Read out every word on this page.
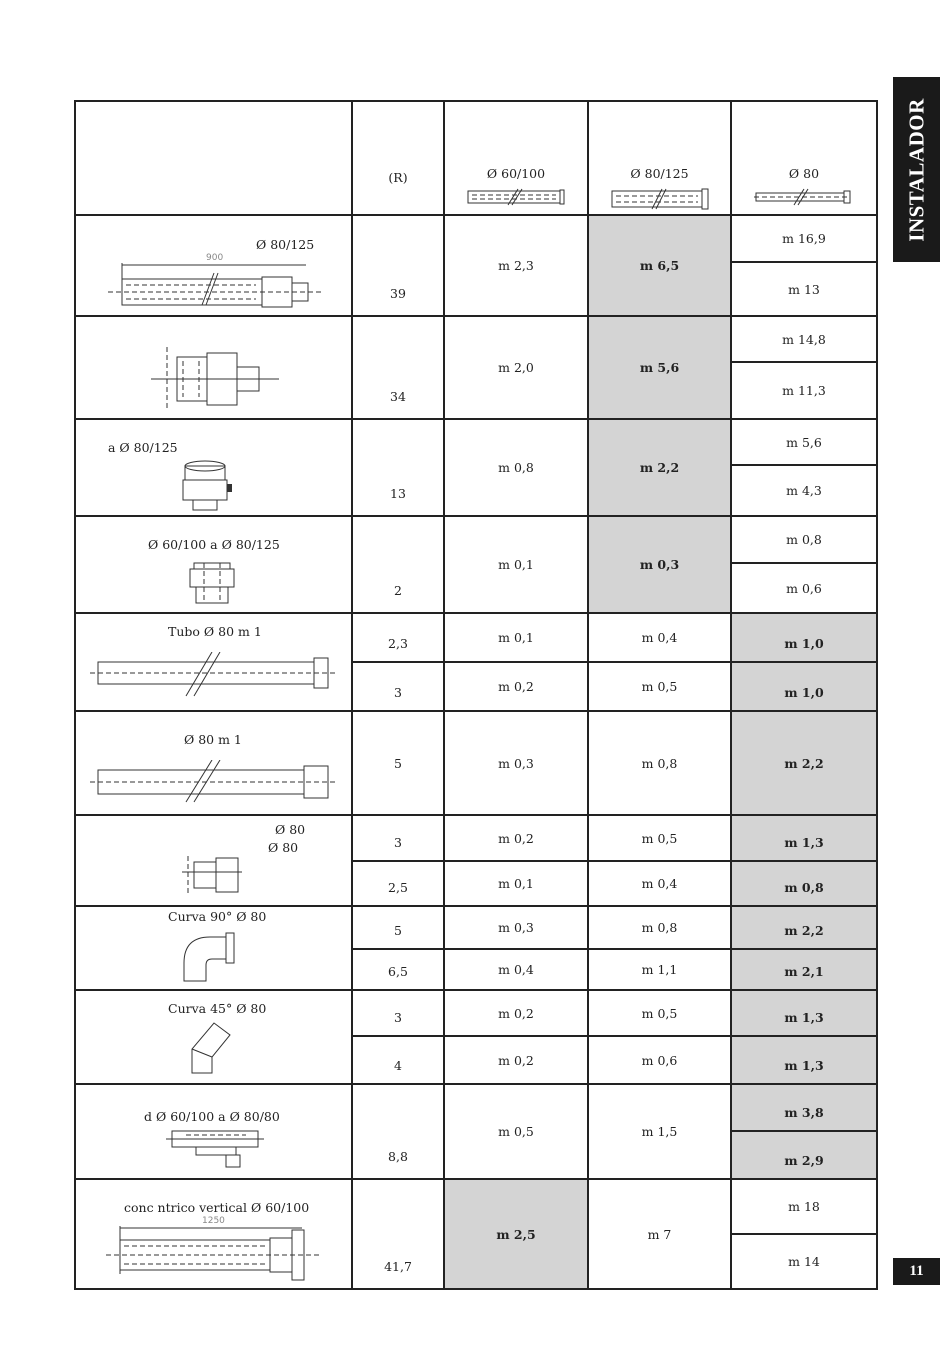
INSTALADOR
11

	(R)	Ø 60/100	Ø 80/125	Ø 80

Ø 80/125
900	39	m 2,3	m 6,5	m 16,9
				m 13

34	m 2,0	m 5,6	m 14,8
				m 11,3

a Ø 80/125	13	m 0,8	m 2,2	m 5,6
				m 4,3

Ø 60/100 a Ø 80/125	2	m 0,1	m 0,3	m 0,8
				m 0,6

Tubo Ø 80 m 1	2,3	m 0,1	m 0,4	m 1,0

	3	m 0,2	m 0,5	m 1,0

Ø 80 m 1	5	m 0,3	m 0,8	m 2,2

Ø 80
Ø 80	3	m 0,2	m 0,5	m 1,3

	2,5	m 0,1	m 0,4	m 0,8

Curva 90° Ø 80	5	m 0,3	m 0,8	m 2,2

	6,5	m 0,4	m 1,1	m 2,1

Curva 45° Ø 80	3	m 0,2	m 0,5	m 1,3

	4	m 0,2	m 0,6	m 1,3

d Ø 60/100 a Ø 80/80	8,8	m 0,5	m 1,5	m 3,8

				m 2,9

conc ntrico vertical Ø 60/100
1250	41,7	m 2,5	m 7	m 18
				m 14
